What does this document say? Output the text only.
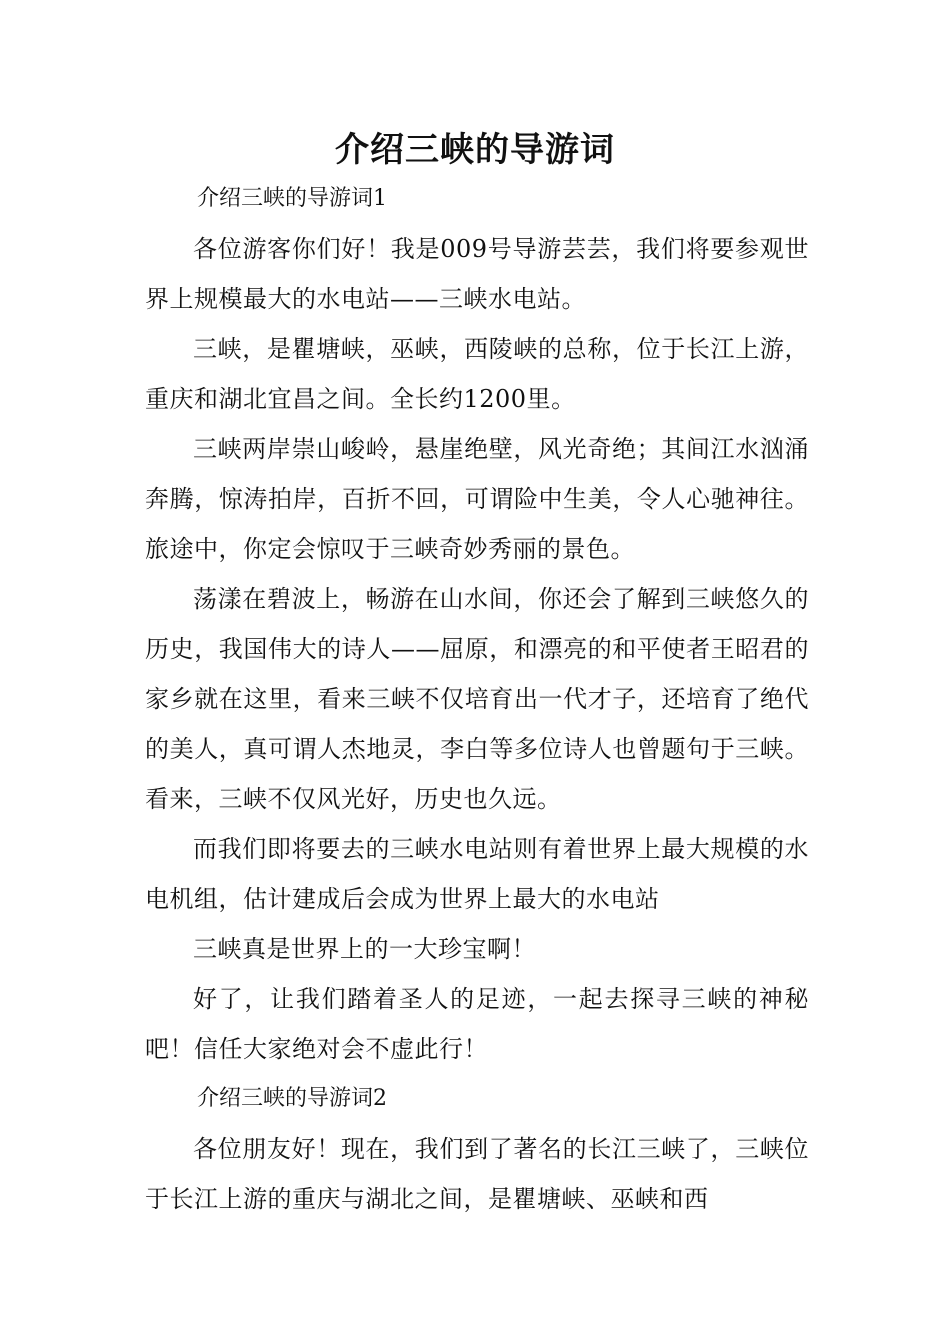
介绍三峡的导游词
介绍三峡的导游词1

各位游客你们好！我是009号导游芸芸，我们将要参观世界上规模最大的水电站——三峡水电站。

三峡，是瞿塘峡，巫峡，西陵峡的总称，位于长江上游，重庆和湖北宜昌之间。全长约1200里。

三峡两岸崇山峻岭，悬崖绝壁，风光奇绝；其间江水汹涌奔腾，惊涛拍岸，百折不回，可谓险中生美，令人心驰神往。旅途中，你定会惊叹于三峡奇妙秀丽的景色。

荡漾在碧波上，畅游在山水间，你还会了解到三峡悠久的历史，我国伟大的诗人——屈原，和漂亮的和平使者王昭君的家乡就在这里，看来三峡不仅培育出一代才子，还培育了绝代的美人，真可谓人杰地灵，李白等多位诗人也曾题句于三峡。看来，三峡不仅风光好，历史也久远。

而我们即将要去的三峡水电站则有着世界上最大规模的水电机组，估计建成后会成为世界上最大的水电站

三峡真是世界上的一大珍宝啊！

好了，让我们踏着圣人的足迹，一起去探寻三峡的神秘吧！信任大家绝对会不虚此行！

介绍三峡的导游词2

各位朋友好！现在，我们到了著名的长江三峡了，三峡位于长江上游的重庆与湖北之间，是瞿塘峡、巫峡和西
